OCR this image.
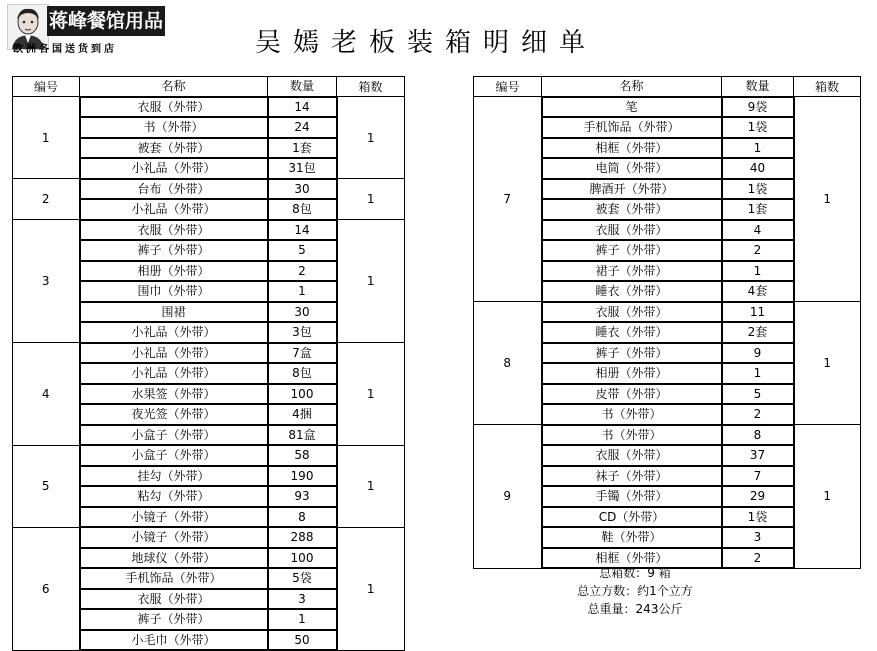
蒋峰餐馆用品
欧洲各国送货到店	吴嫣老板装箱明细单
编号	名称	数量	箱数
1	衣服（外带）	14	1
	书（外带）	24	
	被套（外带）	1套	
	小礼品（外带）	31包	
2	台布（外带）	30	1
	小礼品（外带）	8包	
3	衣服（外带）	14	1
	裤子（外带）	5	
	相册（外带）	2	
	围巾（外带）	1	
	围裙	30	
	小礼品（外带）	3包	
4	小礼品（外带）	7盒	1
	小礼品（外带）	8包	
	水果签（外带）	100	
	夜光签（外带）	4捆	
	小盒子（外带）	81盒	
5	小盒子（外带）	58	1
	挂勾（外带）	190	
	粘勾（外带）	93	
	小镜子（外带）	8	
6	小镜子（外带）	288	1
	地球仪（外带）	100	
	手机饰品（外带）	5袋	
	衣服（外带）	3	
	裤子（外带）	1	
	小毛巾（外带）	50	
编号	名称	数量	箱数
7	笔	9袋	1
	手机饰品（外带）	1袋	
	相框（外带）	1	
	电筒（外带）	40	
	脾酒开（外带）	1袋	
	被套（外带）	1套	
	衣服（外带）	4	
	裤子（外带）	2	
	裙子（外带）	1	
	睡衣（外带）	4套	
8	衣服（外带）	11	1
	睡衣（外带）	2套	
	裤子（外带）	9	
	相册（外带）	1	
	皮带（外带）	5	
	书（外带）	2	
9	书（外带）	8	1
	衣服（外带）	37	
	袜子（外带）	7	
	手镯（外带）	29	
	CD（外带）	1袋	
	鞋（外带）	3	
	相框（外带）	2	
总箱数：9 箱
总立方数：约1个立方
总重量：243公斤
